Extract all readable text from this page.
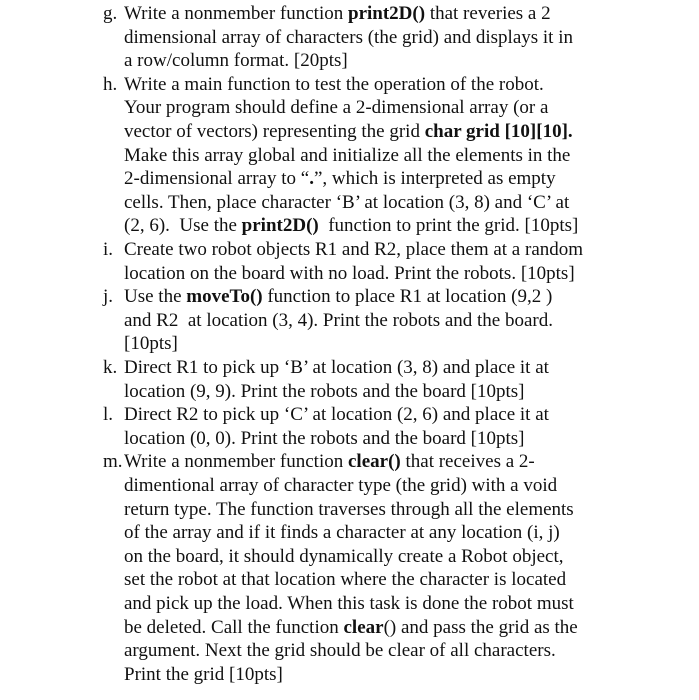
g. Write a nonmember function print2D() that reveries a 2
dimensional array of characters (the grid) and displays it in
a row/column format. [20pts]
h. Write a main function to test the operation of the robot.
Your program should define a 2-dimensional array (or a
vector of vectors) representing the grid char grid [10][10].
Make this array global and initialize all the elements in the
2-dimensional array to “.”, which is interpreted as empty
cells. Then, place character ‘B’ at location (3, 8) and ‘C’ at
(2, 6).  Use the print2D()  function to print the grid. [10pts]
i. Create two robot objects R1 and R2, place them at a random
location on the board with no load. Print the robots. [10pts]
j. Use the moveTo() function to place R1 at location (9,2 )
and R2  at location (3, 4). Print the robots and the board.
[10pts]
k. Direct R1 to pick up ‘B’ at location (3, 8) and place it at
location (9, 9). Print the robots and the board [10pts]
l. Direct R2 to pick up ‘C’ at location (2, 6) and place it at
location (0, 0). Print the robots and the board [10pts]
m. Write a nonmember function clear() that receives a 2-
dimentional array of character type (the grid) with a void
return type. The function traverses through all the elements
of the array and if it finds a character at any location (i, j)
on the board, it should dynamically create a Robot object,
set the robot at that location where the character is located
and pick up the load. When this task is done the robot must
be deleted. Call the function clear() and pass the grid as the
argument. Next the grid should be clear of all characters.
Print the grid [10pts]
